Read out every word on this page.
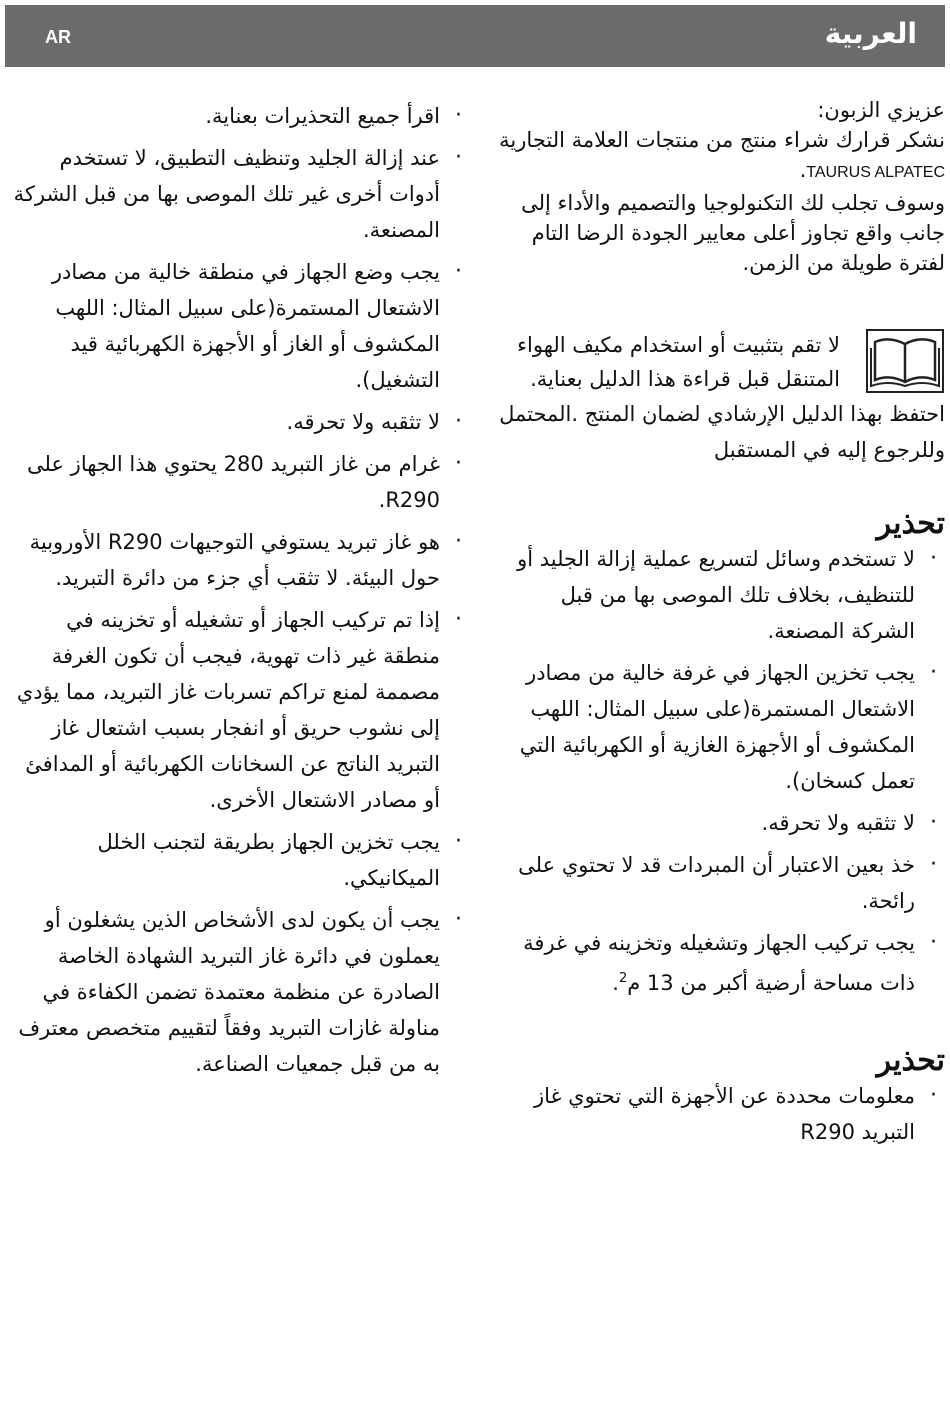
AR	العربية

عزيزي الزبون:

نشكر قرارك شراء منتج من منتجات العلامة التجارية TAURUS ALPATEC.

وسوف تجلب لك التكنولوجيا والتصميم والأداء إلى جانب واقع تجاوز أعلى معايير الجودة الرضا التام لفترة طويلة من الزمن.

لا تقم بتثبيت أو استخدام مكيف الهواء المتنقل قبل قراءة هذا الدليل بعناية.

احتفظ بهذا الدليل الإرشادي لضمان المنتج .المحتمل وللرجوع إليه في المستقبل

تحذير
· لا تستخدم وسائل لتسريع عملية إزالة الجليد أو للتنظيف، بخلاف تلك الموصى بها من قبل الشركة المصنعة.
· يجب تخزين الجهاز في غرفة خالية من مصادر الاشتعال المستمرة(على سبيل المثال: اللهب المكشوف أو الأجهزة الغازية أو الكهربائية التي تعمل كسخان).
· لا تثقبه ولا تحرقه.
· خذ بعين الاعتبار أن المبردات قد لا تحتوي على رائحة.
· يجب تركيب الجهاز وتشغيله وتخزينه في غرفة ذات مساحة أرضية أكبر من 13 م$^2$.
تحذير
· معلومات محددة عن الأجهزة التي تحتوي غاز التبريد R290
· اقرأ جميع التحذيرات بعناية.
· عند إزالة الجليد وتنظيف التطبيق، لا تستخدم أدوات أخرى غير تلك الموصى بها من قبل الشركة المصنعة.
· يجب وضع الجهاز في منطقة خالية من مصادر الاشتعال المستمرة(على سبيل المثال: اللهب المكشوف أو الغاز أو الأجهزة الكهربائية قيد التشغيل).
· لا تثقبه ولا تحرقه.
· غرام من غاز التبريد 280 يحتوي هذا الجهاز على R290.
· هو غاز تبريد يستوفي التوجيهات R290 الأوروبية حول البيئة. لا تثقب أي جزء من دائرة التبريد.
· إذا تم تركيب الجهاز أو تشغيله أو تخزينه في منطقة غير ذات تهوية، فيجب أن تكون الغرفة مصممة لمنع تراكم تسربات غاز التبريد، مما يؤدي إلى نشوب حريق أو انفجار بسبب اشتعال غاز التبريد الناتج عن السخانات الكهربائية أو المدافئ أو مصادر الاشتعال الأخرى.
· يجب تخزين الجهاز بطريقة لتجنب الخلل الميكانيكي.
· يجب أن يكون لدى الأشخاص الذين يشغلون أو يعملون في دائرة غاز التبريد الشهادة الخاصة الصادرة عن منظمة معتمدة تضمن الكفاءة في مناولة غازات التبريد وفقاً لتقييم متخصص معترف به من قبل جمعيات الصناعة.
